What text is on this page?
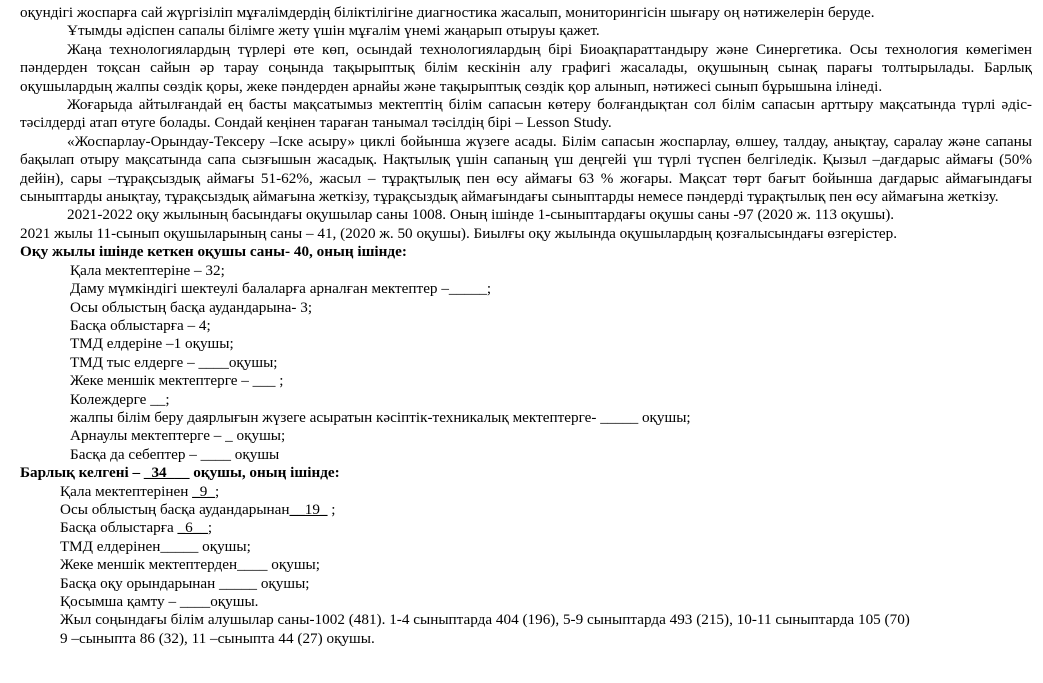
оқундігі жоспарға сай жүргізіліп мұғалімдердің біліктілігіне диагностика жасалып, мониторингісін шығару оң нәтижелерін беруде.

Ұтымды әдіспен сапалы білімге жету үшін мұғалім үнемі жаңарып отыруы қажет.

Жаңа технологиялардың түрлері өте көп, осындай технологиялардың бірі Биоақпараттандыру және Синергетика. Осы технология көмегімен пәндерден тоқсан сайын әр тарау соңында тақырыптық білім кескінін алу графигі жасалады, оқушының сынақ парағы толтырылады. Барлық оқушылардың жалпы сөздік қоры, жеке пәндерден арнайы және тақырыптық сөздік қор алынып, нәтижесі сынып бұрышына ілінеді.

Жоғарыда айтылғандай ең басты мақсатымыз мектептің білім сапасын көтеру болғандықтан сол білім сапасын арттыру мақсатында түрлі әдіс-тәсілдерді атап өтуге болады. Сондай кеңінен тараған танымал тәсілдің бірі – Lesson Study.

«Жоспарлау-Орындау-Тексеру –Іске асыру» циклі бойынша жүзеге асады. Білім сапасын жоспарлау, өлшеу, талдау, анықтау, саралау және сапаны бақылап отыру мақсатында сапа сызғышын жасадық. Нақтылық үшін сапаның үш деңгейі үш түрлі түспен белгіледік. Қызыл –дағдарыс аймағы (50% дейін), сары –тұрақсыздық аймағы 51-62%, жасыл – тұрақтылық пен өсу аймағы 63 % жоғары. Мақсат төрт бағыт бойынша дағдарыс аймағындағы сыныптарды анықтау, тұрақсыздық аймағына жеткізу, тұрақсыздық аймағындағы сыныптарды немесе пәндерді тұрақтылық пен өсу аймағына жеткізу.

2021-2022 оқу жылының басындағы оқушылар саны 1008. Оның ішінде 1-сыныптардағы оқушы саны -97 (2020 ж. 113 оқушы).

2021 жылы 11-сынып оқушыларының саны – 41, (2020 ж. 50 оқушы). Биылғы оқу жылында оқушылардың қозғалысындағы өзгерістер.

Оқу жылы ішінде кеткен оқушы саны- 40, оның ішінде:

Қала мектептеріне – 32;

Даму мүмкіндігі шектеулі балаларға арналған мектептер –_____;

Осы облыстың басқа аудандарына- 3;

Басқа облыстарға – 4;

ТМД елдеріне –1 оқушы;

ТМД тыс елдерге – ____оқушы;

Жеке меншік мектептерге – ___ ;

Колеждерге __;

жалпы білім беру даярлығын жүзеге асыратын кәсіптік-техникалық мектептерге- _____ оқушы;

Арнаулы мектептерге – _ оқушы;

Басқа да себептер – ____ оқушы

Барлық келгені – _34___ оқушы, оның ішінде:

Қала мектептерінен _9_;

Осы облыстың басқа аудандарынан__19_ ;

Басқа облыстарға _6__;

ТМД елдерінен_____ оқушы;

Жеке меншік мектептерден____ оқушы;

Басқа оқу орындарынан _____ оқушы;

Қосымша қамту – ____оқушы.

Жыл соңындағы білім алушылар саны-1002 (481). 1-4 сыныптарда 404 (196), 5-9 сыныптарда 493 (215), 10-11 сыныптарда 105 (70)

9 –сыныпта 86 (32), 11 –сыныпта 44 (27) оқушы.
